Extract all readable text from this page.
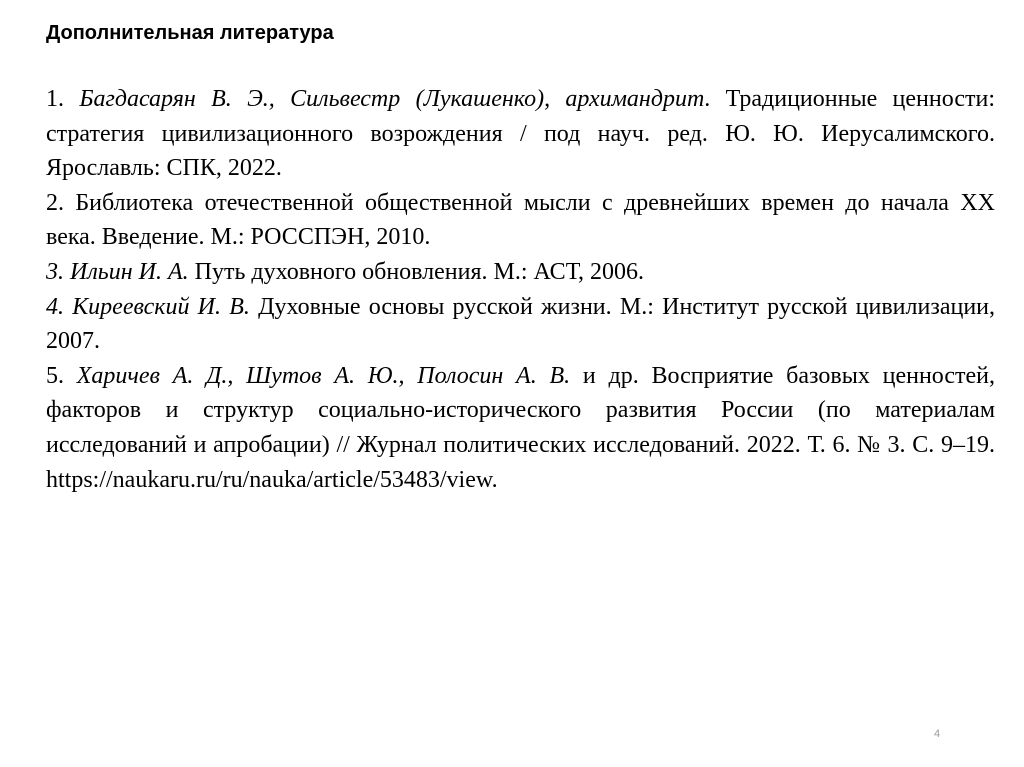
Дополнительная литература

1. Багдасарян В. Э., Сильвестр (Лукашенко), архимандрит. Традиционные ценности: стратегия цивилизационного возрождения / под науч. ред. Ю. Ю. Иерусалимского. Ярославль: СПК, 2022.

2. Библиотека отечественной общественной мысли с древнейших времен до начала XX века. Введение. М.: РОССПЭН, 2010.

3. Ильин И. А. Путь духовного обновления. М.: АСТ, 2006.

4. Киреевский И. В. Духовные основы русской жизни. М.: Институт русской цивилизации, 2007.

5. Харичев А. Д., Шутов А. Ю., Полосин А. В. и др. Восприятие базовых ценностей, факторов и структур социально-исторического развития России (по материалам исследований и апробации) // Журнал политических исследований. 2022. Т. 6. № 3. С. 9–19.
https://naukaru.ru/ru/nauka/article/53483/view.

4
